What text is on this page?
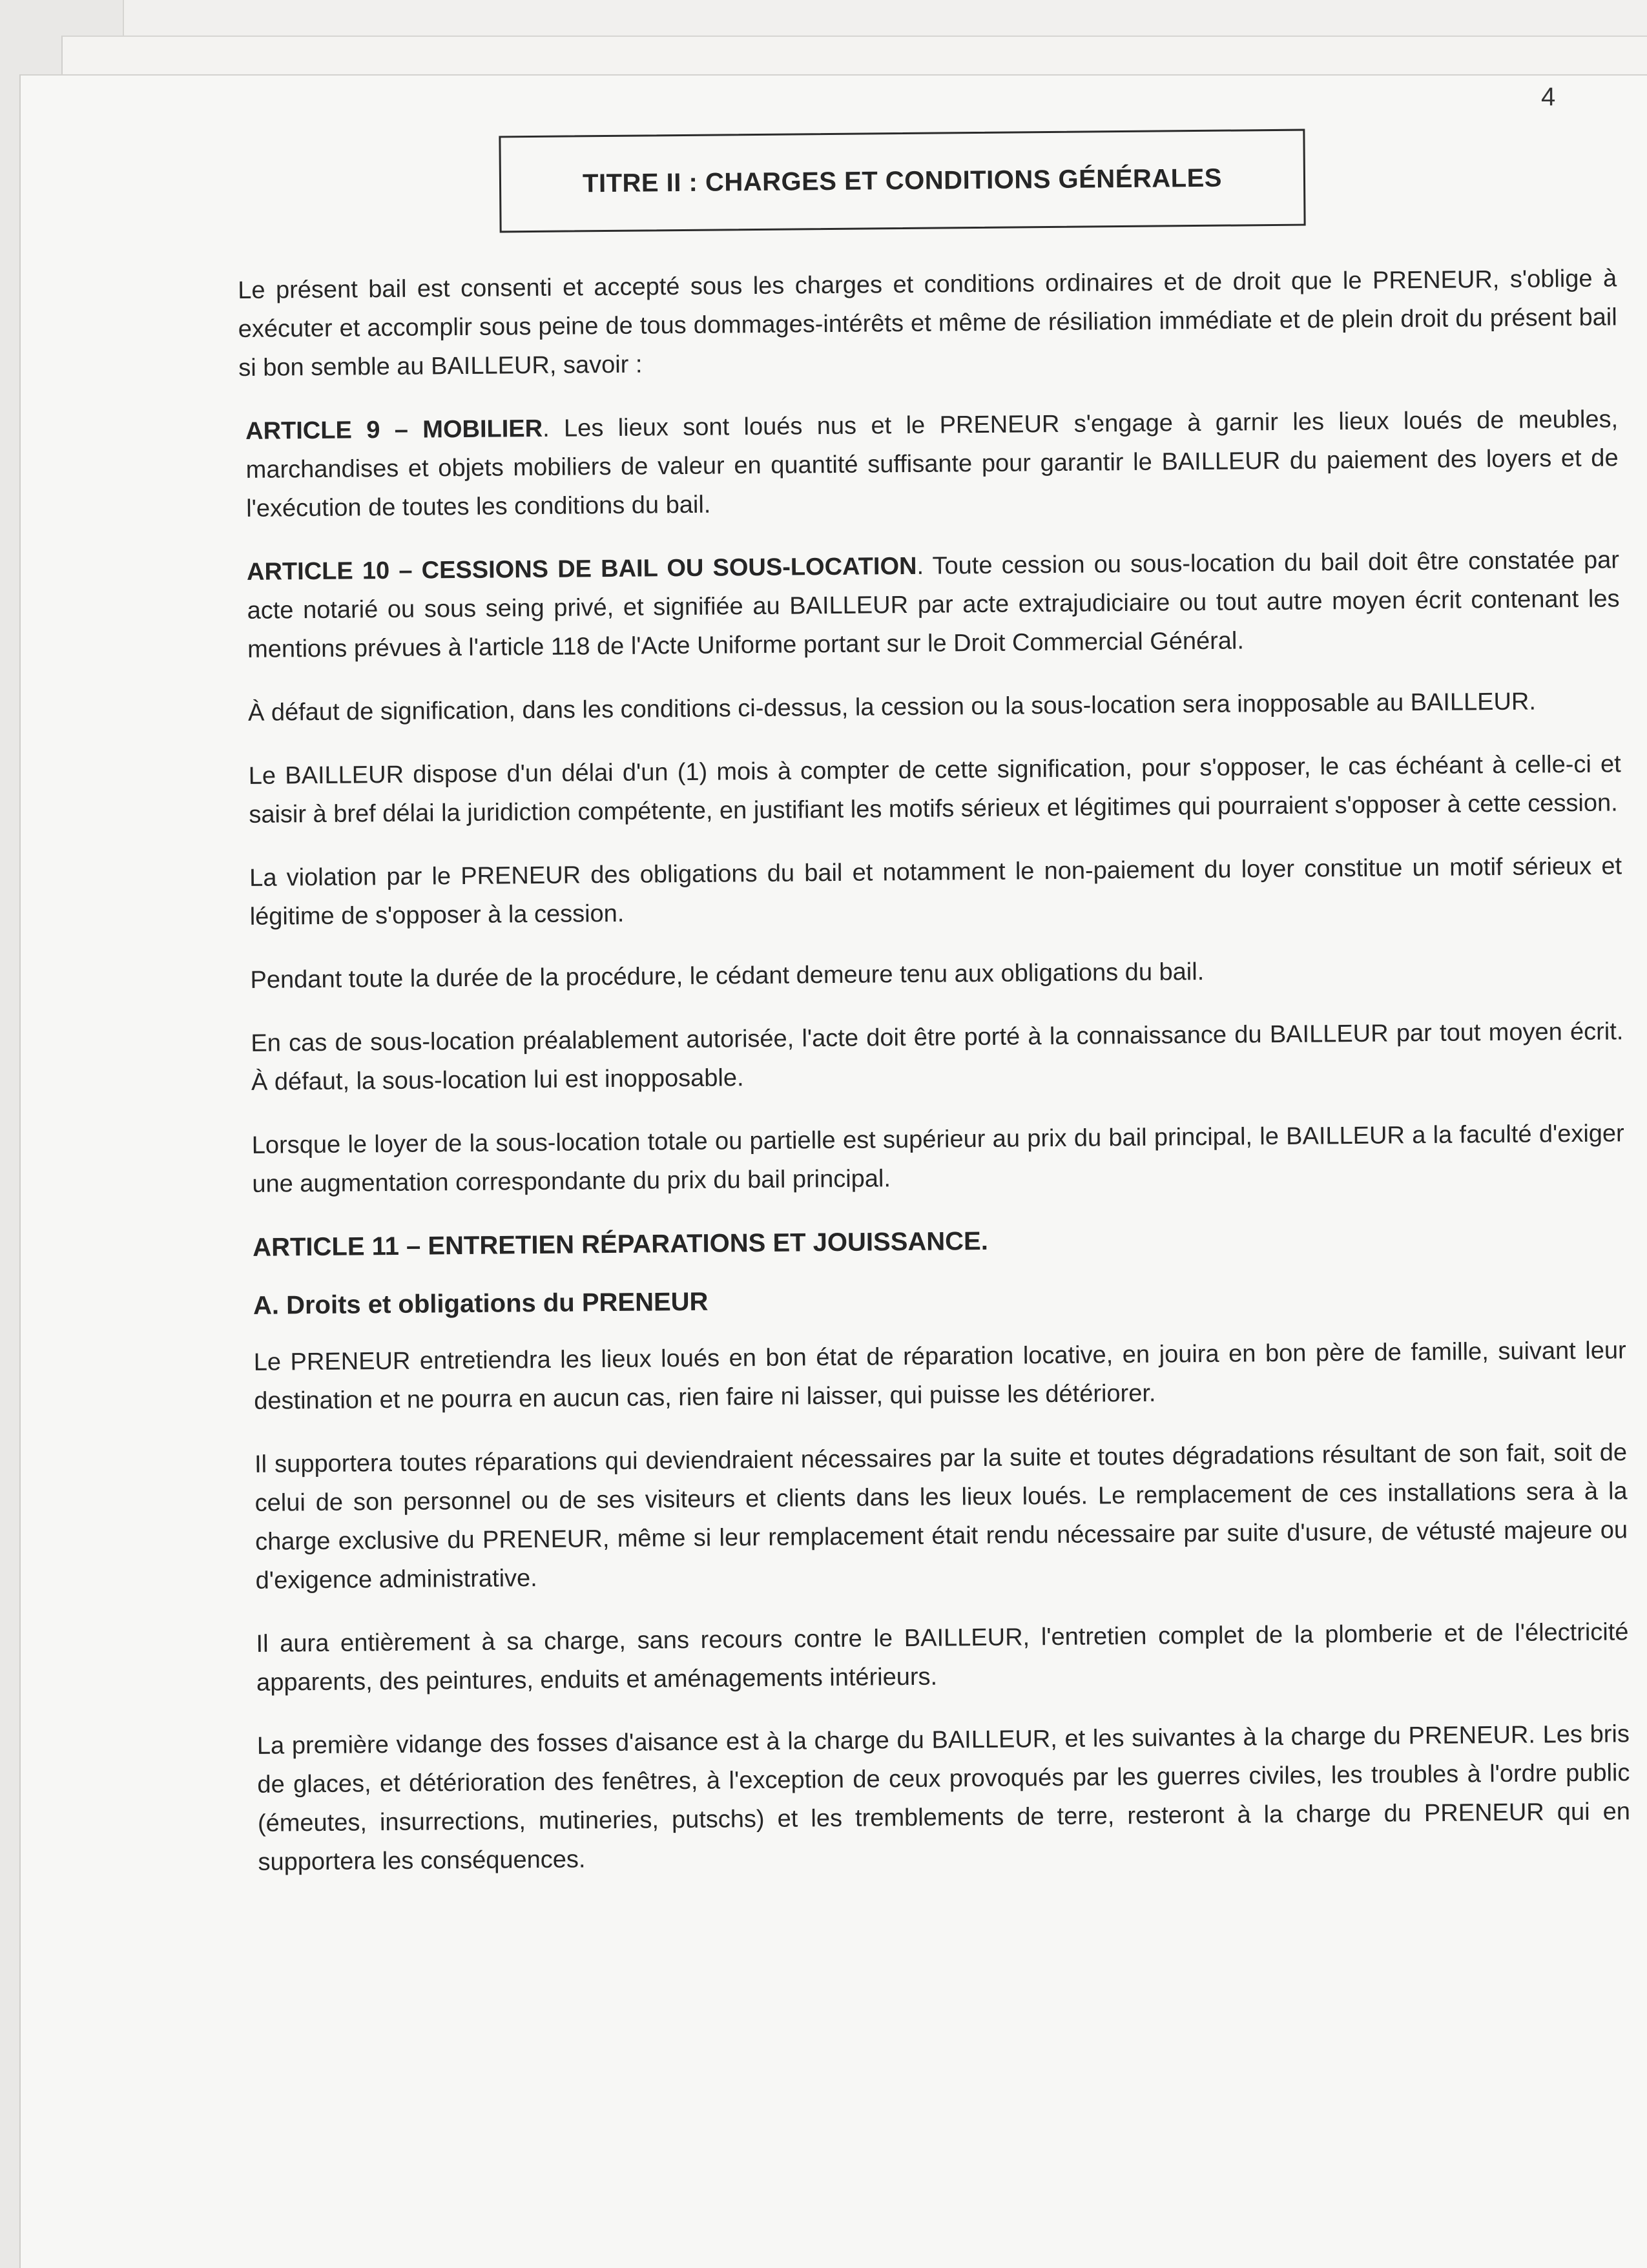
4
TITRE II : CHARGES ET CONDITIONS GÉNÉRALES

Le présent bail est consenti et accepté sous les charges et conditions ordinaires et de droit que le PRENEUR, s'oblige à exécuter et accomplir sous peine de tous dommages-intérêts et même de résiliation immédiate et de plein droit du présent bail si bon semble au BAILLEUR, savoir :

ARTICLE 9 – MOBILIER. Les lieux sont loués nus et le PRENEUR s'engage à garnir les lieux loués de meubles, marchandises et objets mobiliers de valeur en quantité suffisante pour garantir le BAILLEUR du paiement des loyers et de l'exécution de toutes les conditions du bail.

ARTICLE 10 – CESSIONS DE BAIL OU SOUS-LOCATION. Toute cession ou sous-location du bail doit être constatée par acte notarié ou sous seing privé, et signifiée au BAILLEUR par acte extrajudiciaire ou tout autre moyen écrit contenant les mentions prévues à l'article 118 de l'Acte Uniforme portant sur le Droit Commercial Général.

À défaut de signification, dans les conditions ci-dessus, la cession ou la sous-location sera inopposable au BAILLEUR.

Le BAILLEUR dispose d'un délai d'un (1) mois à compter de cette signification, pour s'opposer, le cas échéant à celle-ci et saisir à bref délai la juridiction compétente, en justifiant les motifs sérieux et légitimes qui pourraient s'opposer à cette cession.

La violation par le PRENEUR des obligations du bail et notamment le non-paiement du loyer constitue un motif sérieux et légitime de s'opposer à la cession.

Pendant toute la durée de la procédure, le cédant demeure tenu aux obligations du bail.

En cas de sous-location préalablement autorisée, l'acte doit être porté à la connaissance du BAILLEUR par tout moyen écrit. À défaut, la sous-location lui est inopposable.

Lorsque le loyer de la sous-location totale ou partielle est supérieur au prix du bail principal, le BAILLEUR a la faculté d'exiger une augmentation correspondante du prix du bail principal.

ARTICLE 11 – ENTRETIEN RÉPARATIONS ET JOUISSANCE.

A. Droits et obligations du PRENEUR

Le PRENEUR entretiendra les lieux loués en bon état de réparation locative, en jouira en bon père de famille, suivant leur destination et ne pourra en aucun cas, rien faire ni laisser, qui puisse les détériorer.

Il supportera toutes réparations qui deviendraient nécessaires par la suite et toutes dégradations résultant de son fait, soit de celui de son personnel ou de ses visiteurs et clients dans les lieux loués. Le remplacement de ces installations sera à la charge exclusive du PRENEUR, même si leur remplacement était rendu nécessaire par suite d'usure, de vétusté majeure ou d'exigence administrative.

Il aura entièrement à sa charge, sans recours contre le BAILLEUR, l'entretien complet de la plomberie et de l'électricité apparents, des peintures, enduits et aménagements intérieurs.

La première vidange des fosses d'aisance est à la charge du BAILLEUR, et les suivantes à la charge du PRENEUR. Les bris de glaces, et détérioration des fenêtres, à l'exception de ceux provoqués par les guerres civiles, les troubles à l'ordre public (émeutes, insurrections, mutineries, putschs) et les tremblements de terre, resteront à la charge du PRENEUR qui en supportera les conséquences.
